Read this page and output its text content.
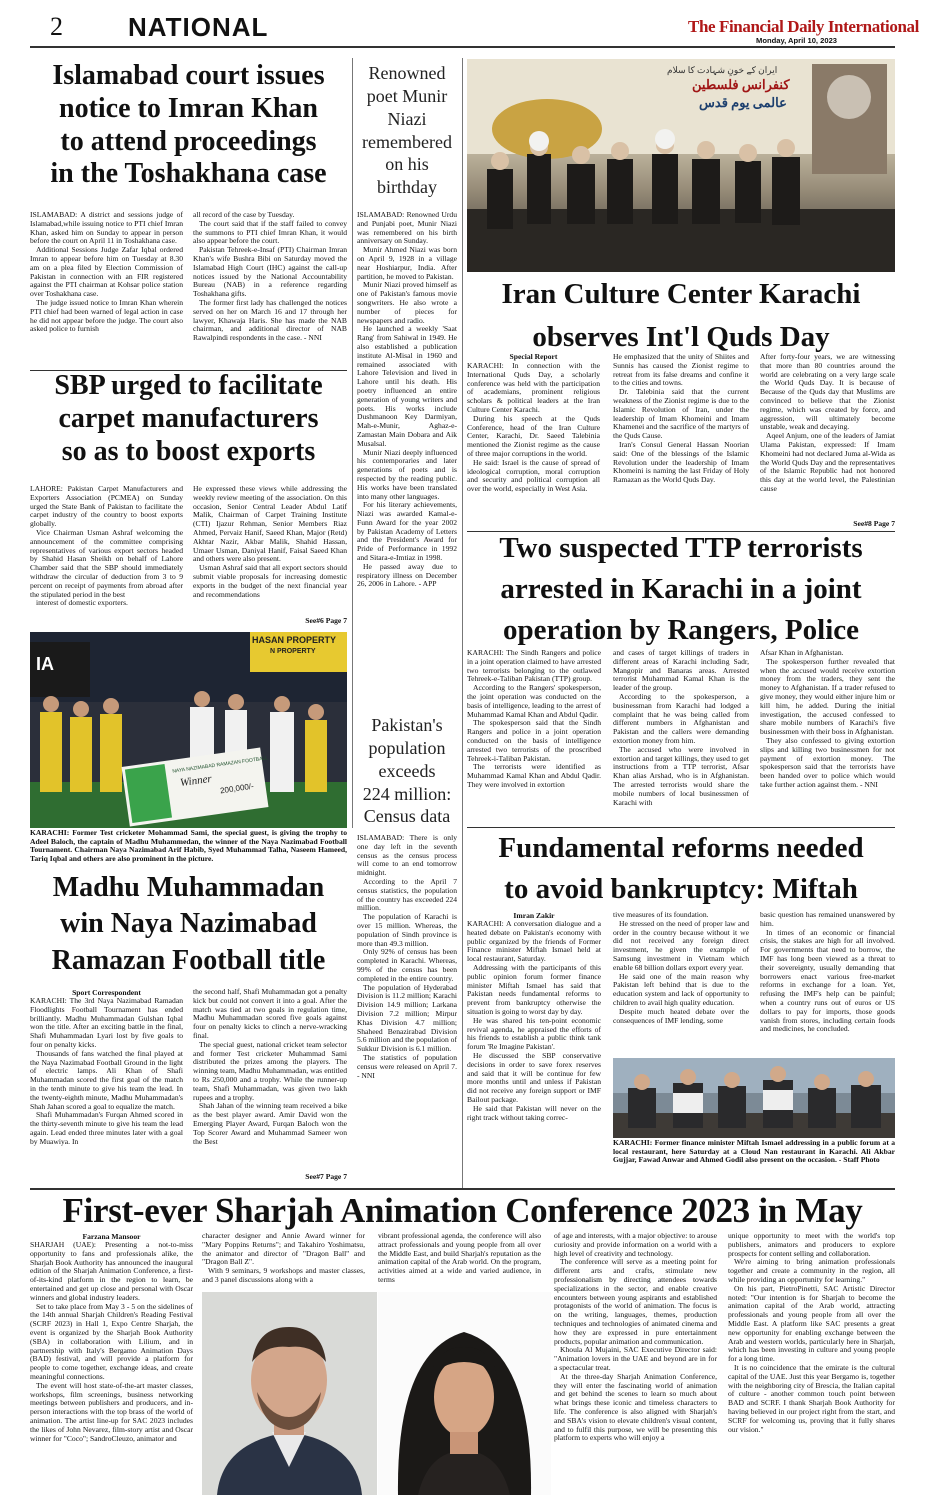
2	NATIONAL	The Financial Daily International
Monday, April 10, 2023
Islamabad court issues
notice to Imran Khan
to attend proceedings
in the Toshakhana case

ISLAMABAD: A district and sessions judge of Islamabad,while issuing notice to PTI chief Imran Khan, asked him on Sunday to appear in person before the court on April 11 in Toshakhana case.

Additional Sessions Judge Zafar Iqbal ordered Imran to appear before him on Tuesday at 8.30 am on a plea filed by Election Commission of Pakistan in connection with an FIR registered against the PTI chairman at Kohsar police station over Toshakhana case.

The judge issued notice to Imran Khan wherein PTI chief had been warned of legal action in case he did not appear before the judge. The court also asked police to furnish

all record of the case by Tuesday.

The court said that if the staff failed to convey the summons to PTI chief Imran Khan, it would also appear before the court.

Pakistan Tehreek-e-Insaf (PTI) Chairman Imran Khan's wife Bushra Bibi on Saturday moved the Islamabad High Court (IHC) against the call-up notices issued by the National Accountability Bureau (NAB) in a reference regarding Toshakhana gifts.

The former first lady has challenged the notices served on her on March 16 and 17 through her lawyer, Khawaja Haris. She has made the NAB chairman, and additional director of NAB Rawalpindi respondents in the case. - NNI

SBP urged to facilitate
carpet manufacturers
so as to boost exports

LAHORE: Pakistan Carpet Manufacturers and Exporters Association (PCMEA) on Sunday urged the State Bank of Pakistan to facilitate the carpet industry of the country to boost exports globally.

Vice Chairman Usman Ashraf welcoming the announcement of the committee comprising representatives of various export sectors headed by Shahid Hasan Sheikh on behalf of Lahore Chamber said that the SBP should immediately withdraw the circular of deduction from 3 to 9 percent on receipt of payments from abroad after the stipulated period in the best

interest of domestic exporters.

He expressed these views while addressing the weekly review meeting of the association. On this occasion, Senior Central Leader Abdul Latif Malik, Chairman of Carpet Training Institute (CTI) Ijazur Rehman, Senior Members Riaz Ahmed, Pervaiz Hanif, Saeed Khan, Major (Retd) Akhtar Nazir, Akbar Malik, Shahid Hassan, Umaer Usman, Daniyal Hanif, Faisal Saeed Khan and others were also present.

Usman Ashraf said that all export sectors should submit viable proposals for increasing domestic exports in the budget of the next financial year and recommendations

See#6 Page 7
Renowned
poet Munir
Niazi
remembered
on his
birthday

ISLAMABAD: Renowned Urdu and Punjabi poet, Munir Niazi was remembered on his birth anniversary on Sunday.

Munir Ahmed Niazi was born on April 9, 1928 in a village near Hoshiarpur, India. After partition, he moved to Pakistan.

Munir Niazi proved himself as one of Pakistan's famous movie songwriters. He also wrote a number of pieces for newspapers and radio.

He launched a weekly 'Saat Rang' from Sahiwal in 1949. He also established a publication institute Al-Misal in 1960 and remained associated with Lahore Television and lived in Lahore until his death. His poetry influenced an entire generation of young writers and poets. His works include Dushmanoon Key Darmiyan, Mah-e-Munir, Aghaz-e-Zamastan Main Dobara and Aik Musalsal.

Munir Niazi deeply influenced his contemporaries and later generations of poets and is respected by the reading public. His works have been translated into many other languages.

For his literary achievements, Niazi was awarded Kamal-e-Funn Award for the year 2002 by Pakistan Academy of Letters and the President's Award for Pride of Performance in 1992 and Sitara-e-Imtiaz in 1998.

He passed away due to respiratory illness on December 26, 2006 in Lahore. - APP

Pakistan's
population
exceeds
224 million:
Census data

ISLAMABAD: There is only one day left in the seventh census as the census process will come to an end tomorrow midnight.

According to the April 7 census statistics, the population of the country has exceeded 224 million.

The population of Karachi is over 15 million. Whereas, the population of Sindh province is more than 49.3 million.

Only 92% of census has been completed in Karachi. Whereas, 99% of the census has been completed in the entire country.

The population of Hyderabad Division is 11.2 million; Karachi Division 14.9 million; Larkana Division 7.2 million; Mirpur Khas Division 4.7 million; Shaheed Benazirabad Division 5.6 million and the population of Sukkur Division is 6.1 million.

The statistics of population census were released on April 7. - NNI

ایران کے خونِ شہادت کا سلام
کنفرانس فلسطین
عالمی یوم قدس
Iran Culture Center Karachi
observes Int'l Quds Day
Special Report

KARACHI: In connection with the International Quds Day, a scholarly conference was held with the participation of academians, prominent religious scholars & political leaders at the Iran Culture Center Karachi.

During his speech at the Quds Conference, head of the Iran Culture Center, Karachi, Dr. Saeed Talebinia mentioned the Zionist regime as the cause of three major corruptions in the world.

He said: Israel is the cause of spread of ideological corruption, moral corruption and security and political corruption all over the world, especially in West Asia.

He emphasized that the unity of Shiites and Sunnis has caused the Zionist regime to retreat from its false dreams and confine it to the cities and towns.

Dr. Talebinia said that the current weakness of the Zionist regime is due to the Islamic Revolution of Iran, under the leadership of Imam Khomeini and Imam Khamenei and the sacrifice of the martyrs of the Quds Cause.

Iran's Consul General Hassan Noorian said: One of the blessings of the Islamic Revolution under the leadership of Imam Khomeini is naming the last Friday of Holy Ramazan as the World Quds Day.

After forty-four years, we are witnessing that more than 80 countries around the world are celebrating on a very large scale the World Quds Day. It is because of Because of the Quds day that Muslims are convinced to believe that the Zionist regime, which was created by force, and aggression, will ultimately become unstable, weak and decaying.

Aqeel Anjum, one of the leaders of Jamiat Ulama Pakistan, expressed: If Imam Khomeini had not declared Juma al-Wida as the World Quds Day and the representatives of the Islamic Republic had not honored this day at the world level, the Palestinian cause

See#8 Page 7
Two suspected TTP terrorists
arrested in Karachi in a joint
operation by Rangers, Police

KARACHI: The Sindh Rangers and police in a joint operation claimed to have arrested two terrorists belonging to the outlawed Tehreek-e-Taliban Pakistan (TTP) group.

According to the Rangers' spokesperson, the joint operation was conducted on the basis of intelligence, leading to the arrest of Muhammad Kamal Khan and Abdul Qadir.

The spokesperson said that the Sindh Rangers and police in a joint operation conducted on the basis of intelligence arrested two terrorists of the proscribed Tehreek-i-Taliban Pakistan.

The terrorists were identified as Muhammad Kamal Khan and Abdul Qadir. They were involved in extortion

and cases of target killings of traders in different areas of Karachi including Sadr, Mangopir and Banaras areas. Arrested terrorist Muhammad Kamal Khan is the leader of the group.

According to the spokesperson, a businessman from Karachi had lodged a complaint that he was being called from different numbers in Afghanistan and Pakistan and the callers were demanding extortion money from him.

The accused who were involved in extortion and target killings, they used to get instructions from a TTP terrorist, Afsar Khan alias Arshad, who is in Afghanistan. The arrested terrorists would share the mobile numbers of local businessmen of Karachi with

Afsar Khan in Afghanistan.

The spokesperson further revealed that when the accused would receive extortion money from the traders, they sent the money to Afghanistan. If a trader refused to give money, they would either injure him or kill him, he added. During the initial investigation, the accused confessed to share mobile numbers of Karachi's five businessmen with their boss in Afghanistan.

They also confessed to giving extortion slips and killing two businessmen for not payment of extortion money. The spokesperson said that the terrorists have been handed over to police which would take further action against them. - NNI

HASAN PROPERTY
N PROPERTY
IA
NAYA NAZIMABAD RAMAZAN FOOTBALL
Winner 200,000/-
KARACHI: Former Test cricketer Mohammad Sami, the special guest, is giving the trophy to Adeel Baloch, the captain of Madhu Muhammedan, the winner of the Naya Nazimabad Football Tournament. Chairman Naya Nazimabad Arif Habib, Syed Muhammad Talha, Naseem Hameed, Tariq Iqbal and others are also prominent in the picture.
Madhu Muhammadan
win Naya Nazimabad
Ramazan Football title
Sport Correspondent

KARACHI: The 3rd Naya Nazimabad Ramadan Floodlights Football Tournament has ended brilliantly. Madhu Muhammadan Gulshan Iqbal won the title. After an exciting battle in the final, Shafi Muhammadan Lyari lost by five goals to four on penalty kicks.

Thousands of fans watched the final played at the Naya Nazimabad Football Ground in the light of electric lamps. Ali Khan of Shafi Muhammadan scored the first goal of the match in the tenth minute to give his team the lead. In the twenty-eighth minute, Madhu Muhammadan's Shah Jahan scored a goal to equalize the match.

Shafi Muhammadan's Furqan Ahmed scored in the thirty-seventh minute to give his team the lead again. Lead ended three minutes later with a goal by Muawiya. In

the second half, Shafi Muhammadan got a penalty kick but could not convert it into a goal. After the match was tied at two goals in regulation time, Madhu Muhammadan scored five goals against four on penalty kicks to clinch a nerve-wracking final.

The special guest, national cricket team selector and former Test cricketer Muhammad Sami distributed the prizes among the players. The winning team, Madhu Muhammadan, was entitled to Rs 250,000 and a trophy. While the runner-up team, Shafi Muhammadan, was given two lakh rupees and a trophy.

Shah Jahan of the winning team received a bike as the best player award. Amir David won the Emerging Player Award, Furqan Baloch won the Top Scorer Award and Muhammad Sameer won the Best

See#7 Page 7
Fundamental reforms needed
to avoid bankruptcy: Miftah
Imran Zakir

KARACHI: A conversation dialogue and a heated debate on Pakistan's economy with public organized by the friends of Former Finance minister Miftah Ismael held at local restaurant, Saturday.

Addressing with the participants of this public opinion forum former finance minister Miftah Ismael has said that Pakistan needs fundamental reforms to prevent from bankruptcy otherwise the situation is going to worst day by day.

He was shared his ten-point economic revival agenda, he appraised the efforts of his friends to establish a public think tank forum 'Re Imagine Pakistan'.

He discussed the SBP conservative decisions in order to save forex reserves and said that it will be continue for few more months until and unless if Pakistan did not receive any foreign support or IMF Bailout package.

He said that Pakistan will never on the right track without taking correc-

tive measures of its foundation.

He stressed on the need of proper law and order in the country because without it we did not received any foreign direct investment, he given the example of Samsung investment in Vietnam which enable 68 billion dollars export every year.

He said one of the main reason why Pakistan left behind that is due to the education system and lack of opportunity to children to avail high quality education.

Despite much heated debate over the consequences of IMF lending, some

basic question has remained unanswered by him.

In times of an economic or financial crisis, the stakes are high for all involved. For governments that need to borrow, the IMF has long been viewed as a threat to their sovereignty, usually demanding that borrowers enact various free-market reforms in exchange for a loan. Yet, refusing the IMF's help can be painful; when a country runs out of euros or US dollars to pay for imports, those goods vanish from stores, including certain foods and medicines, he concluded.

KARACHI: Former finance minister Miftah Ismael addressing in a public forum at a local restaurant, here Saturday at a Cloud Nan restaurant in Karachi. Ali Akbar Gujjar, Fawad Anwar and Ahmed Godil also present on the occasion. - Staff Photo
First-ever Sharjah Animation Conference 2023 in May
Farzana Mansoor

SHARJAH (UAE): Presenting a not-to-miss opportunity to fans and professionals alike, the Sharjah Book Authority has announced the inaugural edition of the Sharjah Animation Conference, a first-of-its-kind platform in the region to learn, be entertained and get up close and personal with Oscar winners and global industry leaders.

Set to take place from May 3 - 5 on the sidelines of the 14th annual Sharjah Children's Reading Festival (SCRF 2023) in Hall 1, Expo Centre Sharjah, the event is organized by the Sharjah Book Authority (SBA) in collaboration with Lilium, and in partnership with Italy's Bergamo Animation Days (BAD) festival, and will provide a platform for people to come together, exchange ideas, and create meaningful connections.

The event will host state-of-the-art master classes, workshops, film screenings, business networking meetings between publishers and producers, and in-person interactions with the top brass of the world of animation. The artist line-up for SAC 2023 includes the likes of John Nevarez, film-story artist and Oscar winner for "Coco"; SandroCleuzo, animator and

character designer and Annie Award winner for "Mary Poppins Returns"; and Takahiro Yoshimatsu, the animator and director of "Dragon Ball" and "Dragon Ball Z".

With 9 seminars, 9 workshops and master classes, and 3 panel discussions along with a

vibrant professional agenda, the conference will also attract professionals and young people from all over the Middle East, and build Sharjah's reputation as the animation capital of the Arab world. On the program, activities aimed at a wide and varied audience, in terms

of age and interests, with a major objective: to arouse curiosity and provide information on a world with a high level of creativity and technology.

The conference will serve as a meeting point for different arts and crafts, stimulate new professionalism by directing attendees towards specializations in the sector, and enable creative encounters between young aspirants and established protagonists of the world of animation. The focus is on the writing, languages, themes, production techniques and technologies of animated cinema and how they are expressed in pure entertainment products, popular animation and communication.

Khoula Al Mujaini, SAC Executive Director said: "Animation lovers in the UAE and beyond are in for a spectacular treat.

At the three-day Sharjah Animation Conference, they will enter the fascinating world of animation and get behind the scenes to learn so much about what brings these iconic and timeless characters to life. The conference is also aligned with Sharjah's and SBA's vision to elevate children's visual content, and to fulfil this purpose, we will be presenting this platform to experts who will enjoy a

unique opportunity to meet with the world's top publishers, animators and producers to explore prospects for content selling and collaboration.

We're aiming to bring animation professionals together and create a community in the region, all while providing an opportunity for learning."

On his part, PietroPinetti, SAC Artistic Director noted: "Our intention is for Sharjah to become the animation capital of the Arab world, attracting professionals and young people from all over the Middle East. A platform like SAC presents a great new opportunity for enabling exchange between the Arab and western worlds, particularly here in Sharjah, which has been investing in culture and young people for a long time.

It is no coincidence that the emirate is the cultural capital of the UAE. Just this year Bergamo is, together with the neighboring city of Brescia, the Italian capital of culture - another common touch point between BAD and SCRF. I thank Sharjah Book Authority for having believed in our project right from the start, and SCRF for welcoming us, proving that it fully shares our vision."
